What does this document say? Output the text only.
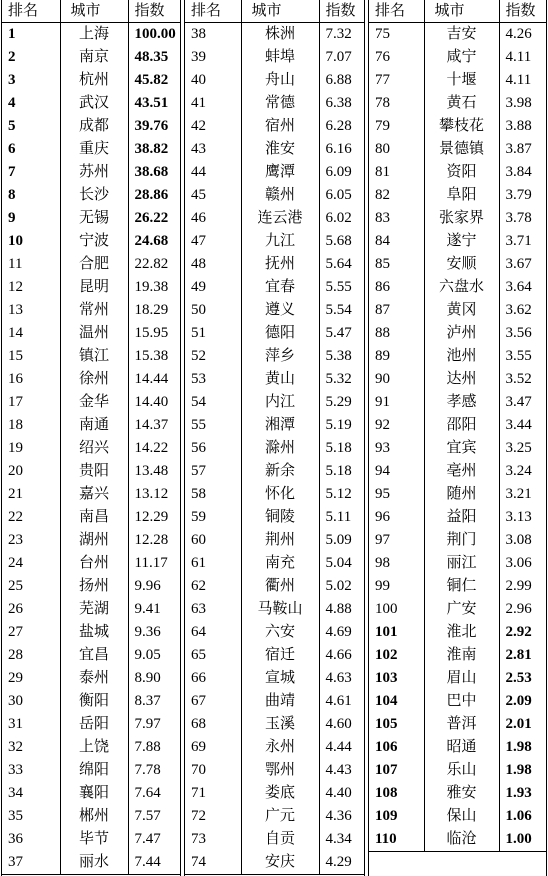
排名	城市	指数
1	上海	100.00
2	南京	48.35
3	杭州	45.82
4	武汉	43.51
5	成都	39.76
6	重庆	38.82
7	苏州	38.68
8	长沙	28.86
9	无锡	26.22
10	宁波	24.68
11	合肥	22.82
12	昆明	19.38
13	常州	18.29
14	温州	15.95
15	镇江	15.38
16	徐州	14.44
17	金华	14.40
18	南通	14.37
19	绍兴	14.22
20	贵阳	13.48
21	嘉兴	13.12
22	南昌	12.29
23	湖州	12.28
24	台州	11.17
25	扬州	9.96
26	芜湖	9.41
27	盐城	9.36
28	宜昌	9.05
29	泰州	8.90
30	衡阳	8.37
31	岳阳	7.97
32	上饶	7.88
33	绵阳	7.78
34	襄阳	7.64
35	郴州	7.57
36	毕节	7.47
37	丽水	7.44
排名	城市	指数
38	株洲	7.32
39	蚌埠	7.07
40	舟山	6.88
41	常德	6.38
42	宿州	6.28
43	淮安	6.16
44	鹰潭	6.09
45	赣州	6.05
46	连云港	6.02
47	九江	5.68
48	抚州	5.64
49	宜春	5.55
50	遵义	5.54
51	德阳	5.47
52	萍乡	5.38
53	黄山	5.32
54	内江	5.29
55	湘潭	5.19
56	滁州	5.18
57	新余	5.18
58	怀化	5.12
59	铜陵	5.11
60	荆州	5.09
61	南充	5.04
62	衢州	5.02
63	马鞍山	4.88
64	六安	4.69
65	宿迁	4.66
66	宣城	4.63
67	曲靖	4.61
68	玉溪	4.60
69	永州	4.44
70	鄂州	4.43
71	娄底	4.40
72	广元	4.36
73	自贡	4.34
74	安庆	4.29
排名	城市	指数
75	吉安	4.26
76	咸宁	4.11
77	十堰	4.11
78	黄石	3.98
79	攀枝花	3.88
80	景德镇	3.87
81	资阳	3.84
82	阜阳	3.79
83	张家界	3.78
84	遂宁	3.71
85	安顺	3.67
86	六盘水	3.64
87	黄冈	3.62
88	泸州	3.56
89	池州	3.55
90	达州	3.52
91	孝感	3.47
92	邵阳	3.44
93	宜宾	3.25
94	亳州	3.24
95	随州	3.21
96	益阳	3.13
97	荆门	3.08
98	丽江	3.06
99	铜仁	2.99
100	广安	2.96
101	淮北	2.92
102	淮南	2.81
103	眉山	2.53
104	巴中	2.09
105	普洱	2.01
106	昭通	1.98
107	乐山	1.98
108	雅安	1.93
109	保山	1.06
110	临沧	1.00
